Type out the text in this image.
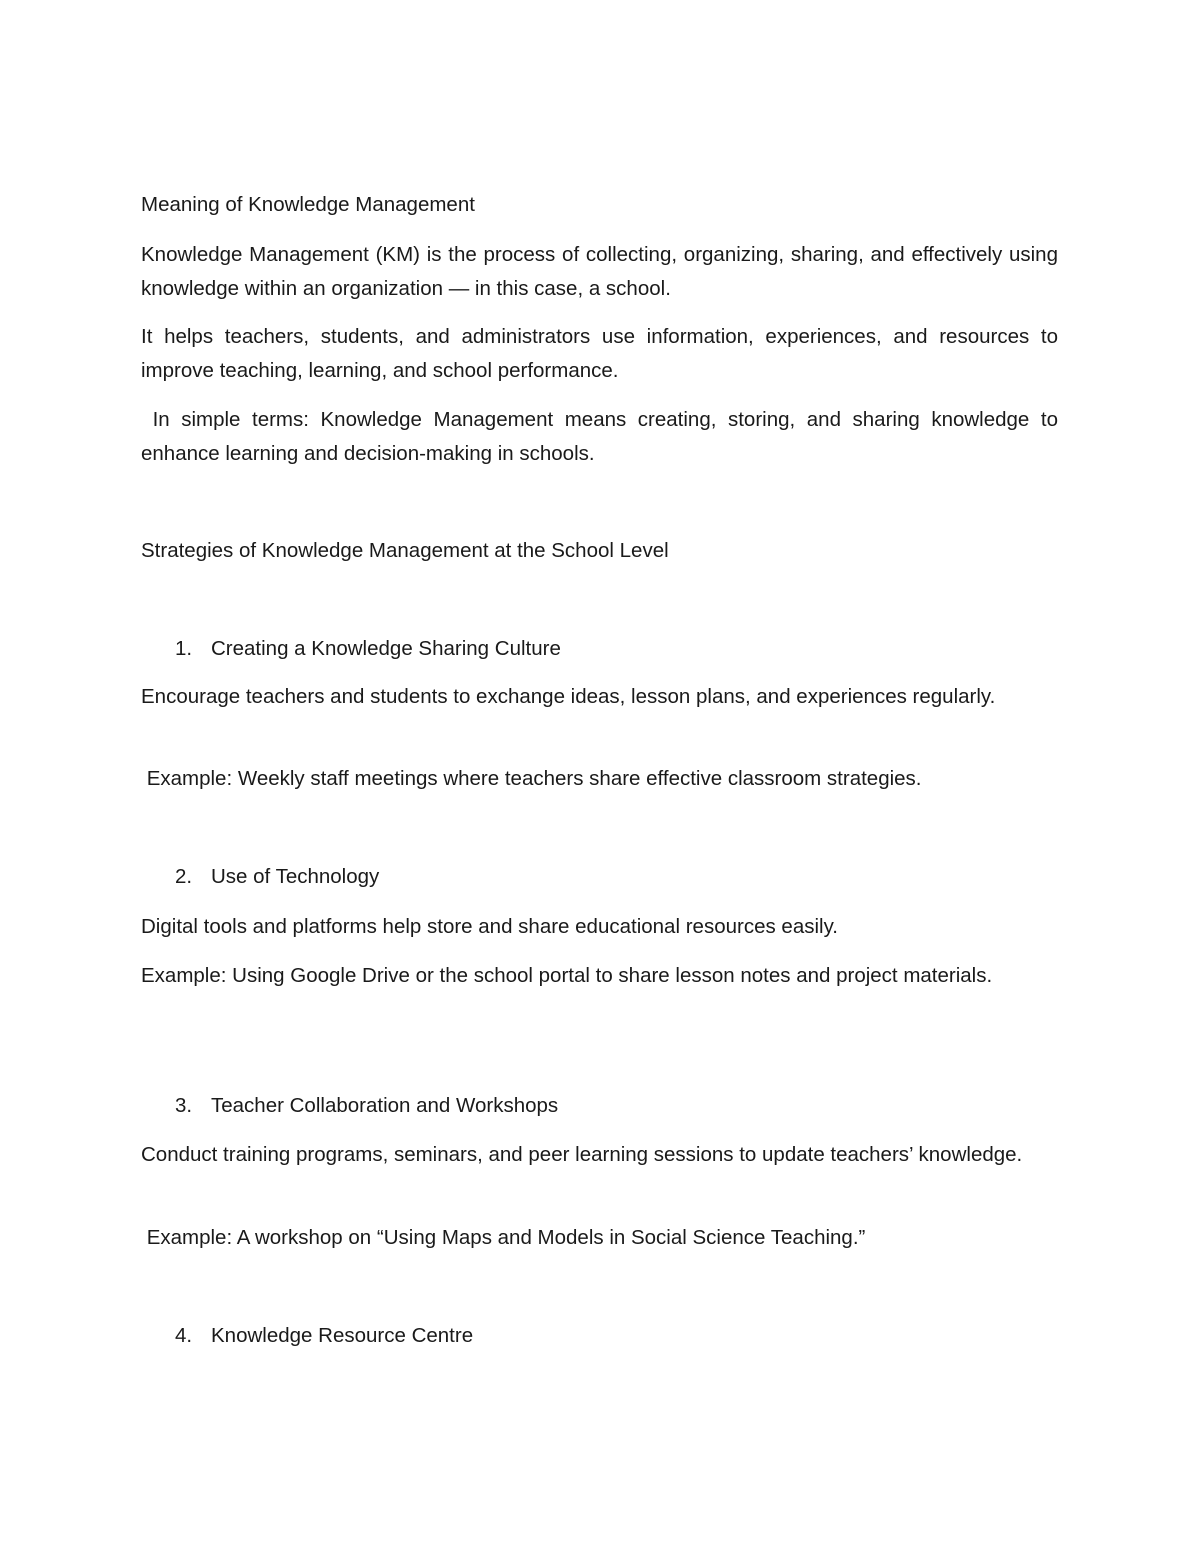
Meaning of Knowledge Management

Knowledge Management (KM) is the process of collecting, organizing, sharing, and effectively using knowledge within an organization — in this case, a school.

It helps teachers, students, and administrators use information, experiences, and resources to improve teaching, learning, and school performance.

In simple terms: Knowledge Management means creating, storing, and sharing knowledge to enhance learning and decision-making in schools.

Strategies of Knowledge Management at the School Level

1. Creating a Knowledge Sharing Culture

Encourage teachers and students to exchange ideas, lesson plans, and experiences regularly.

Example: Weekly staff meetings where teachers share effective classroom strategies.

2. Use of Technology

Digital tools and platforms help store and share educational resources easily.

Example: Using Google Drive or the school portal to share lesson notes and project materials.

3. Teacher Collaboration and Workshops

Conduct training programs, seminars, and peer learning sessions to update teachers’ knowledge.

Example: A workshop on “Using Maps and Models in Social Science Teaching.”

4. Knowledge Resource Centre
